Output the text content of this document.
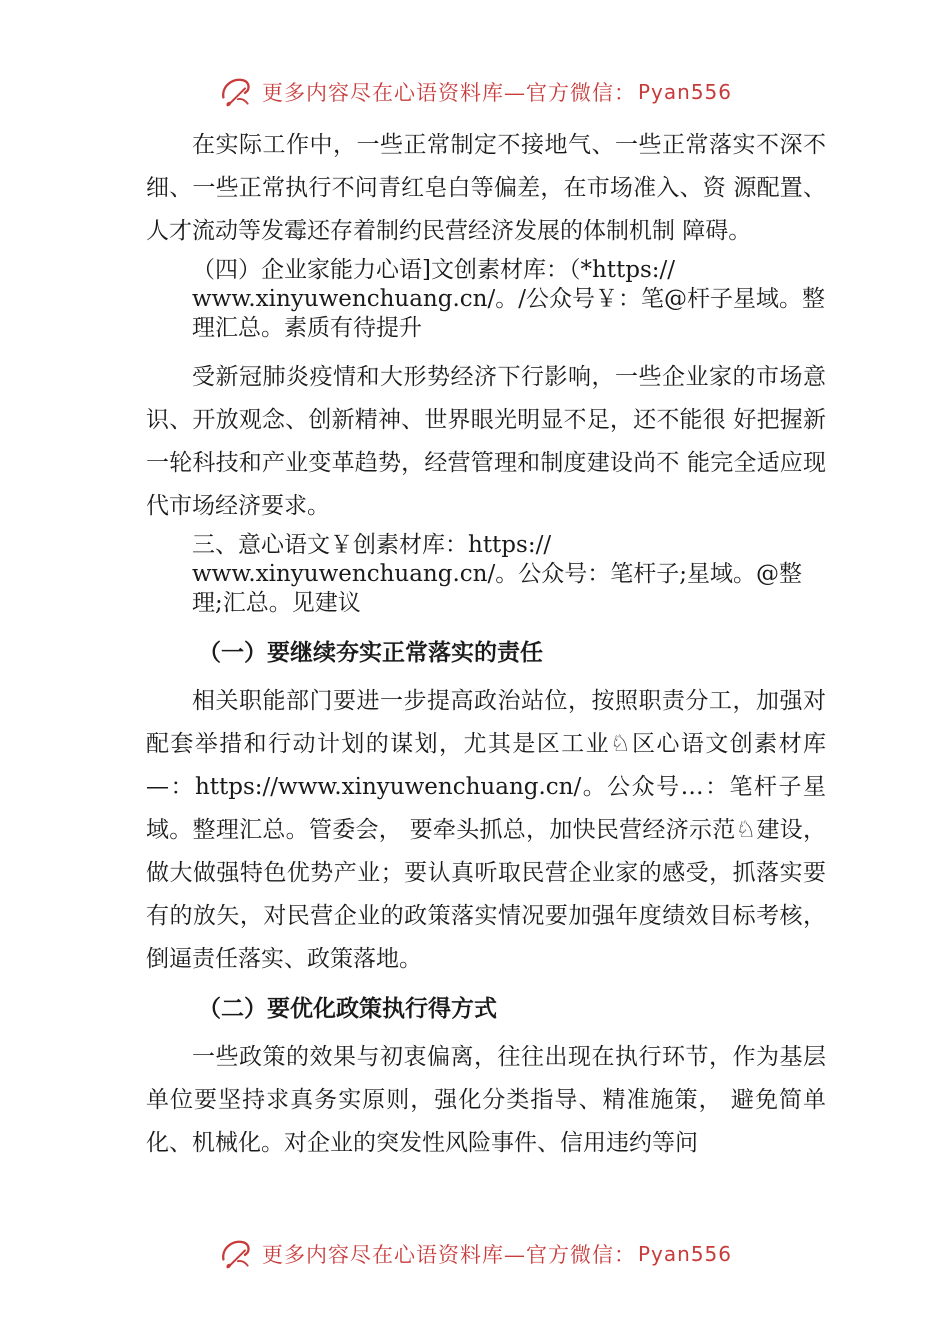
更多内容尽在心语资料库—官方微信： Pyan556

在实际工作中，一些正常制定不接地气、一些正常落实不深不细、一些正常执行不问青红皂白等偏差，在市场准入、资 源配置、人才流动等发霉还存着制约民营经济发展的体制机制 障碍。

（四）企业家能力心语]文创素材库：（*https:// www.xinyuwenchuang.cn/。/公众号￥：笔@杆子星域。整理汇总。素质有待提升

受新冠肺炎疫情和大形势经济下行影响，一些企业家的市场意识、开放观念、创新精神、世界眼光明显不足，还不能很 好把握新一轮科技和产业变革趋势，经营管理和制度建设尚不 能完全适应现代市场经济要求。

三、意心语文￥创素材库：https:// www.xinyuwenchuang.cn/。公众号：笔杆子;星域。@整理;汇总。见建议

（一）要继续夯实正常落实的责任

相关职能部门要进一步提高政治站位，按照职责分工，加强对配套举措和行动计划的谋划，尤其是区工业♘区心语文创素材库—：https://www.xinyuwenchuang.cn/。公众号…：笔杆子星域。整理汇总。管委会， 要牵头抓总，加快民营经济示范♘建设，做大做强特色优势产业；要认真听取民营企业家的感受，抓落实要有的放矢，对民营企业的政策落实情况要加强年度绩效目标考核，倒逼责任落实、政策落地。

（二）要优化政策执行得方式

一些政策的效果与初衷偏离，往往出现在执行环节，作为基层单位要坚持求真务实原则，强化分类指导、精准施策， 避免简单化、机械化。对企业的突发性风险事件、信用违约等问

更多内容尽在心语资料库—官方微信： Pyan556
